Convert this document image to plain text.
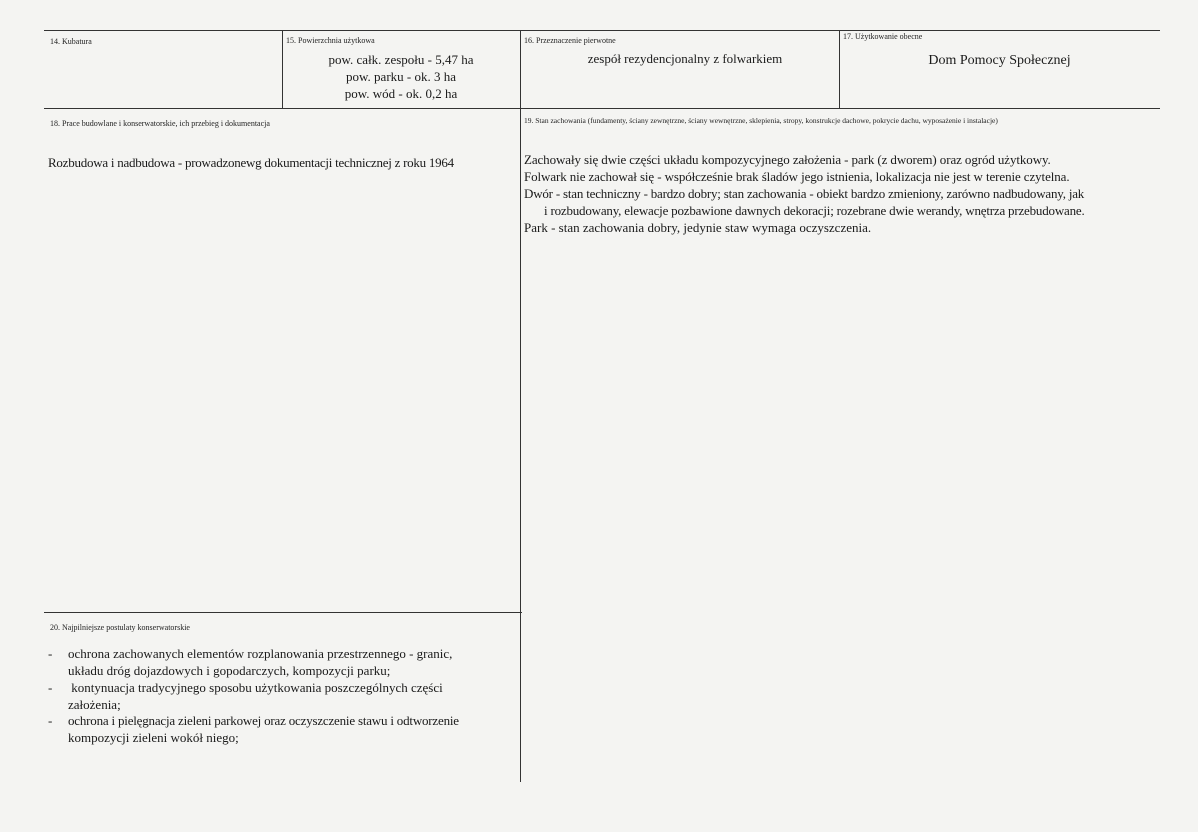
14. Kubatura	15. Powierzchnia użytkowa
pow. całk. zespołu - 5,47 ha
pow. parku - ok. 3 ha
pow. wód - ok. 0,2 ha
16. Przeznaczenie pierwotne
zespół rezydencjonalny z folwarkiem
17. Użytkowanie obecne
Dom Pomocy Społecznej
18. Prace budowlane i konserwatorskie, ich przebieg i dokumentacja
Rozbudowa i nadbudowa - prowadzonewg dokumentacji technicznej z roku 1964
19. Stan zachowania (fundamenty, ściany zewnętrzne, ściany wewnętrzne, sklepienia, stropy, konstrukcje dachowe, pokrycie dachu, wyposażenie i instalacje)
Zachowały się dwie części układu kompozycyjnego założenia - park (z dworem) oraz ogród użytkowy.
Folwark nie zachował się - współcześnie brak śladów jego istnienia, lokalizacja nie jest w terenie czytelna.
Dwór - stan techniczny - bardzo dobry; stan zachowania - obiekt bardzo zmieniony, zarówno nadbudowany, jak
i rozbudowany, elewacje pozbawione dawnych dekoracji; rozebrane dwie werandy, wnętrza przebudowane.
Park - stan zachowania dobry, jedynie staw wymaga oczyszczenia.
20. Najpilniejsze postulaty konserwatorskie
- ochrona zachowanych elementów rozplanowania przestrzennego - granic,
układu dróg dojazdowych i gopodarczych, kompozycji parku;
- kontynuacja tradycyjnego sposobu użytkowania poszczególnych części
założenia;
- ochrona i pielęgnacja zieleni parkowej oraz oczyszczenie stawu i odtworzenie
kompozycji zieleni wokół niego;
